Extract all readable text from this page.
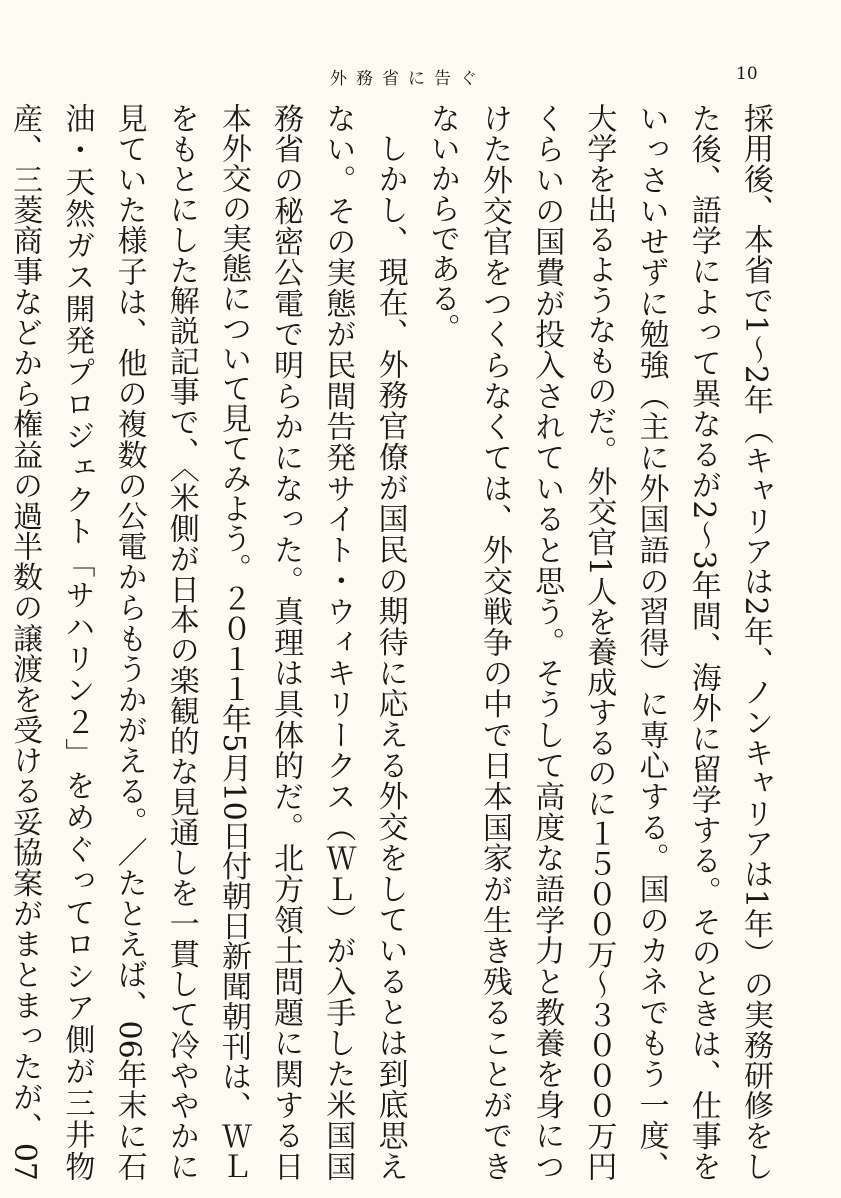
外務省に告ぐ	10

採用後、本省で1〜2年（キャリアは2年、ノンキャリアは1年）の実務研修をした後、語学によって異なるが2〜3年間、海外に留学する。そのときは、仕事をいっさいせずに勉強（主に外国語の習得）に専心する。国のカネでもう一度、大学を出るようなものだ。外交官1人を養成するのに１５００万〜３０００万円くらいの国費が投入されていると思う。そうして高度な語学力と教養を身につけた外交官をつくらなくては、外交戦争の中で日本国家が生き残ることができないからである。

しかし、現在、外務官僚が国民の期待に応える外交をしているとは到底思えない。その実態が民間告発サイト・ウィキリークス（ＷＬ）が入手した米国国務省の秘密公電で明らかになった。真理は具体的だ。北方領土問題に関する日本外交の実態について見てみよう。２０１１年5月10日付朝日新聞朝刊は、ＷＬをもとにした解説記事で、〈米側が日本の楽観的な見通しを一貫して冷ややかに見ていた様子は、他の複数の公電からもうかがえる。／たとえば、06年末に石油・天然ガス開発プロジェクト「サハリン２」をめぐってロシア側が三井物産、三菱商事などから権益の過半数の譲渡を受ける妥協案がまとまったが、07
